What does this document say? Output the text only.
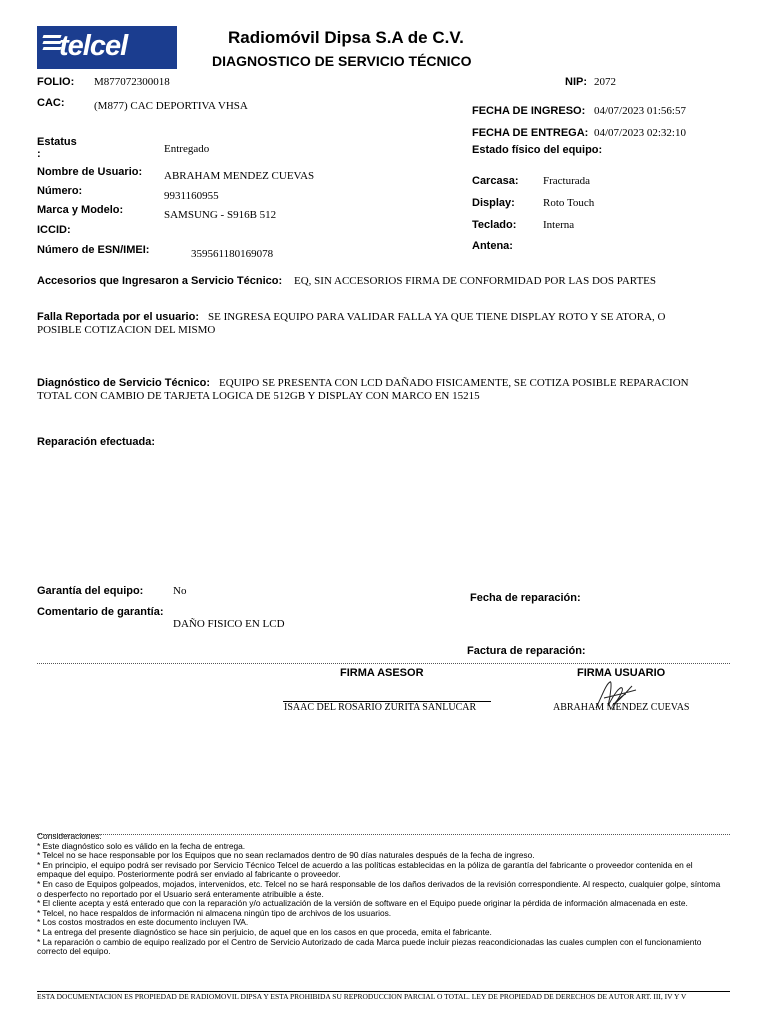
telcel	Radiomóvil Dipsa S.A de C.V.
DIAGNOSTICO DE SERVICIO TÉCNICO
FOLIO: M877072300018	NIP: 2072
CAC:	(M877) CAC DEPORTIVA VHSA	FECHA DE INGRESO: 04/07/2023 01:56:57
FECHA DE ENTREGA: 04/07/2023 02:32:10
Estatus
:	Entregado	Estado físico del equipo:
Nombre de Usuario: ABRAHAM MENDEZ CUEVAS
Número:	9931160955
Marca y Modelo:	SAMSUNG - S916B 512
ICCID:
Número de ESN/IMEI:	359561180169078
Carcasa: Fracturada
Display:	Roto Touch
Teclado: Interna
Antena:
Accesorios que Ingresaron a Servicio Técnico: EQ, SIN ACCESORIOS FIRMA DE CONFORMIDAD POR LAS DOS PARTES
Falla Reportada por el usuario: SE INGRESA EQUIPO PARA VALIDAR FALLA YA QUE TIENE DISPLAY ROTO Y SE ATORA, O
POSIBLE COTIZACION DEL MISMO
Diagnóstico de Servicio Técnico: EQUIPO SE PRESENTA CON LCD DAÑADO FISICAMENTE, SE COTIZA POSIBLE REPARACION
TOTAL CON CAMBIO DE TARJETA LOGICA DE 512GB Y DISPLAY CON MARCO EN 15215
Reparación efectuada:
Garantía del equipo:	No
Fecha de reparación:
Comentario de garantía:
DAÑO FISICO EN LCD
Factura de reparación:
FIRMA ASESOR	FIRMA USUARIO
ISAAC DEL ROSARIO ZURITA SANLUCAR	ABRAHAM MENDEZ CUEVAS
Consideraciones:
* Este diagnóstico solo es válido en la fecha de entrega.
* Telcel no se hace responsable por los Equipos que no sean reclamados dentro de 90 días naturales después de la fecha de ingreso.
* En principio, el equipo podrá ser revisado por Servicio Técnico Telcel de acuerdo a las políticas establecidas en la póliza de garantía del fabricante o proveedor contenida en el empaque del equipo. Posteriormente podrá ser enviado al fabricante o proveedor.
* En caso de Equipos golpeados, mojados, intervenidos, etc. Telcel no se hará responsable de los daños derivados de la revisión correspondiente. Al respecto, cualquier golpe, síntoma o desperfecto no reportado por el Usuario será enteramente atribuible a éste.
* El cliente acepta y está enterado que con la reparación y/o actualización de la versión de software en el Equipo puede originar la pérdida de información almacenada en este.
* Telcel, no hace respaldos de información ni almacena ningún tipo de archivos de los usuarios.
* Los costos mostrados en este documento incluyen IVA.
* La entrega del presente diagnóstico se hace sin perjuicio, de aquel que en los casos en que proceda, emita el fabricante.
* La reparación o cambio de equipo realizado por el Centro de Servicio Autorizado de cada Marca puede incluir piezas reacondicionadas las cuales cumplen con el funcionamiento correcto del equipo.
ESTA DOCUMENTACION ES PROPIEDAD DE RADIOMOVIL DIPSA Y ESTA PROHIBIDA SU REPRODUCCION PARCIAL O TOTAL. LEY DE PROPIEDAD DE DERECHOS DE AUTOR ART. III, IV Y V
